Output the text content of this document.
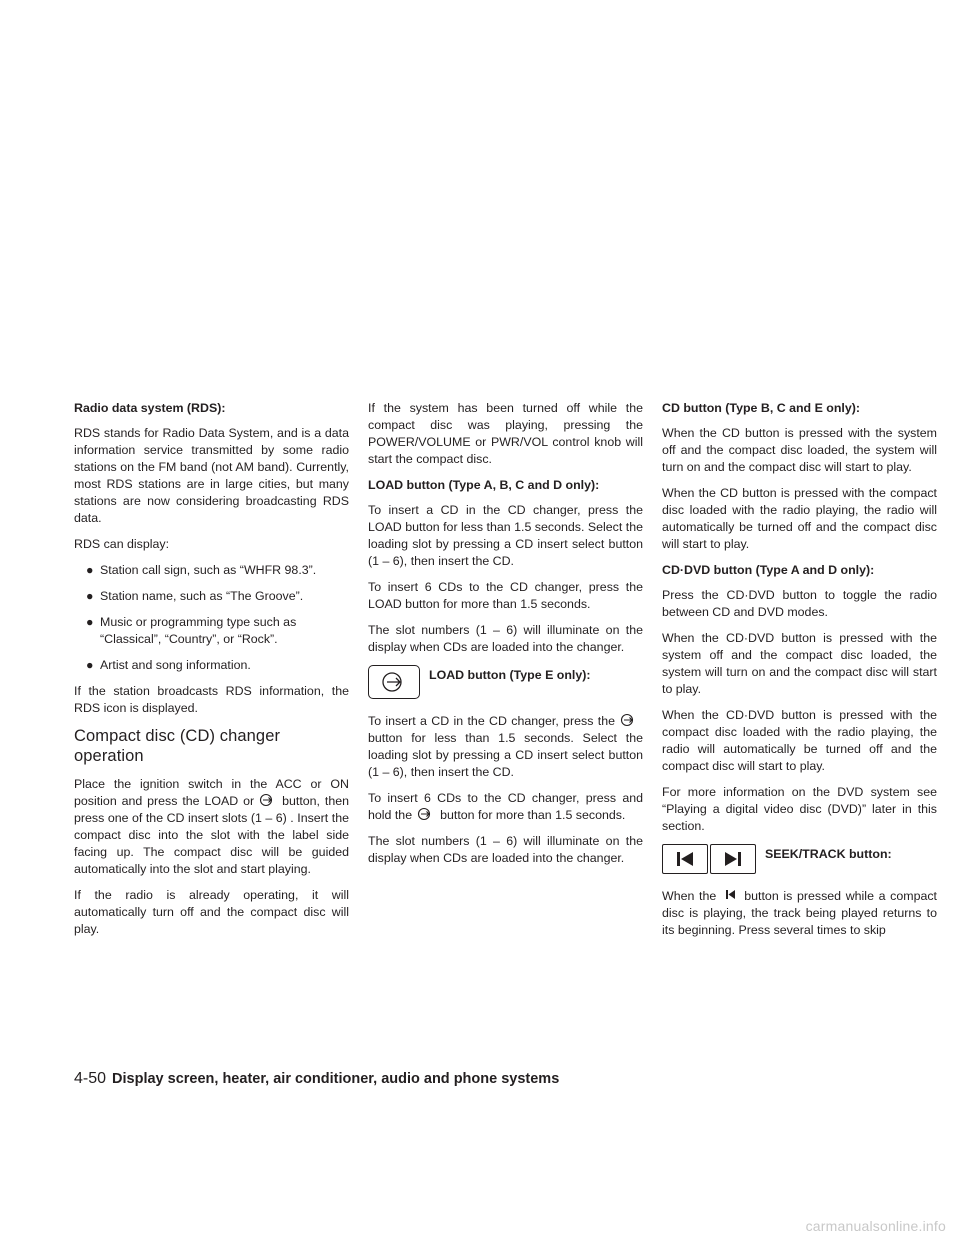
Radio data system (RDS):

RDS stands for Radio Data System, and is a data information service transmitted by some radio stations on the FM band (not AM band). Currently, most RDS stations are in large cities, but many stations are now considering broadcasting RDS data.

RDS can display:

● Station call sign, such as “WHFR 98.3”.
● Station name, such as “The Groove”.
● Music or programming type such as “Classical”, “Country”, or “Rock”.
● Artist and song information.

If the station broadcasts RDS information, the RDS icon is displayed.

Compact disc (CD) changer operation

Place the ignition switch in the ACC or ON position and press the LOAD or button, then press one of the CD insert slots (1 – 6) . Insert the compact disc into the slot with the label side facing up. The compact disc will be guided automatically into the slot and start playing.

If the radio is already operating, it will automatically turn off and the compact disc will play.

If the system has been turned off while the compact disc was playing, pressing the POWER/VOLUME or PWR/VOL control knob will start the compact disc.

LOAD button (Type A, B, C and D only):

To insert a CD in the CD changer, press the LOAD button for less than 1.5 seconds. Select the loading slot by pressing a CD insert select button (1 – 6), then insert the CD.

To insert 6 CDs to the CD changer, press the LOAD button for more than 1.5 seconds.

The slot numbers (1 – 6) will illuminate on the display when CDs are loaded into the changer.

LOAD button (Type E only):

To insert a CD in the CD changer, press thebutton for less than 1.5 seconds. Select the loading slot by pressing a CD insert select button (1 – 6), then insert the CD.

To insert 6 CDs to the CD changer, press and hold the button for more than 1.5 seconds.

The slot numbers (1 – 6) will illuminate on the display when CDs are loaded into the changer.

CD button (Type B, C and E only):

When the CD button is pressed with the system off and the compact disc loaded, the system will turn on and the compact disc will start to play.

When the CD button is pressed with the compact disc loaded with the radio playing, the radio will automatically be turned off and the compact disc will start to play.

CD·DVD button (Type A and D only):

Press the CD·DVD button to toggle the radio between CD and DVD modes.

When the CD·DVD button is pressed with the system off and the compact disc loaded, the system will turn on and the compact disc will start to play.

When the CD·DVD button is pressed with the compact disc loaded with the radio playing, the radio will automatically be turned off and the compact disc will start to play.

For more information on the DVD system see “Playing a digital video disc (DVD)” later in this section.

SEEK/TRACK button:

When the button is pressed while a compact disc is playing, the track being played returns to its beginning. Press several times to skip

4-50 Display screen, heater, air conditioner, audio and phone systems
carmanualsonline.info
